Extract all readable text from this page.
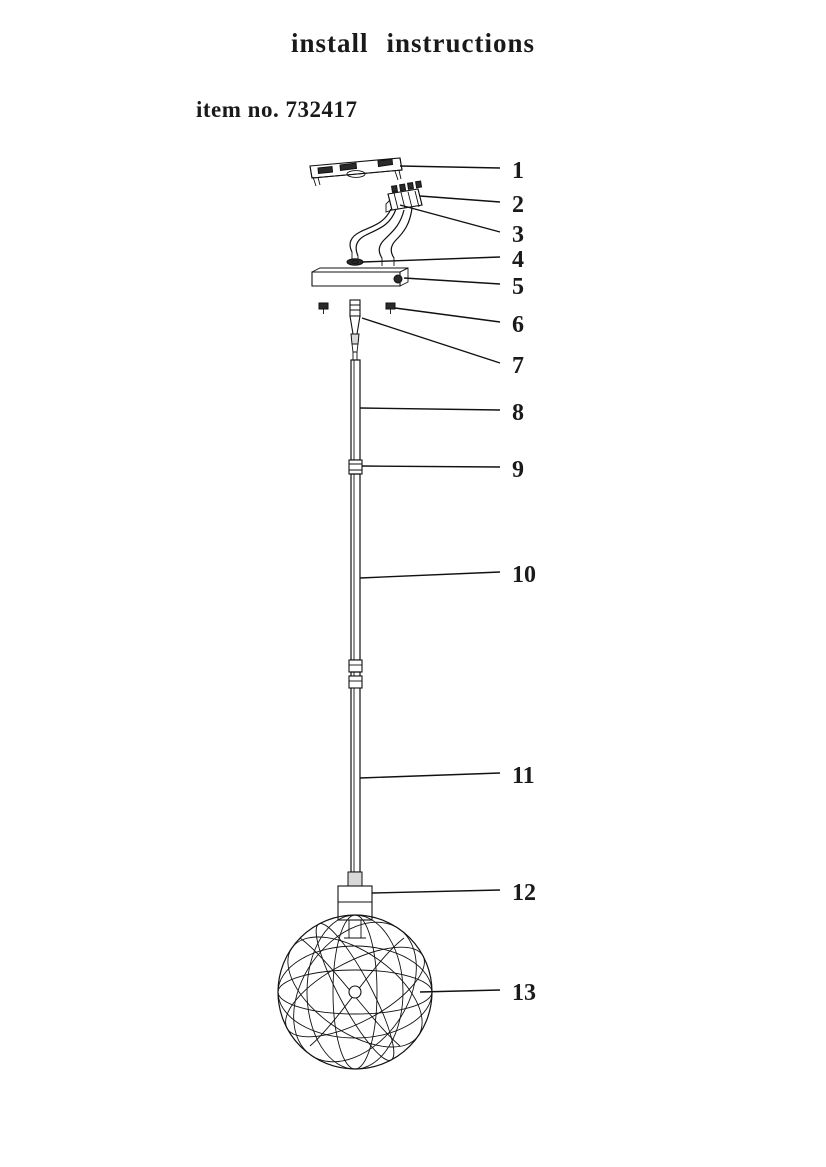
install instructions
item no. 732417
1
2
3
4
5
6
7
8
9
10
11
12
13
